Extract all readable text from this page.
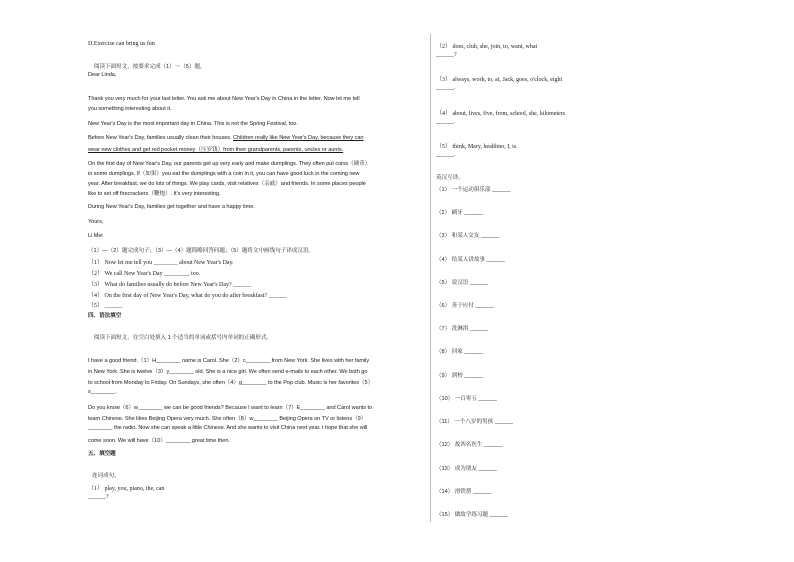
D.Exercise can bring us fun
阅读下面短文，按要求完成（1）～（5）题。
Dear Linda,
Thank you very much for your last letter. You ask me about New Year's Day in China in the letter. Now let me tell
you something interesting about it.
New Year's Day is the most important day in China. This is not the Spring Festival, too.
Before New Year's Day, families usually clean their houses. Children really like New Year's Day, because they can
wear new clothes and get red pocket money（压岁钱）from their grandparents, parents, uncles or aunts.
On the first day of New Year's Day, our parents get up very early and make dumplings. They often put coins（硬币）
in some dumplings. If（如果）you eat the dumplings with a coin in it, you can have good luck in the coming new
year. After breakfast, we do lots of things. We play cards, visit relatives（亲戚）and friends. In some places people
like to set off firecrackers（鞭炮）. It's very interesting.
During New Year's Day, families get together and have a happy time.
Yours,
Li Mei
（1）—（2）题完成句子；（3）—（4）题简略回答问题；（5）题将文中画线句子译成汉语。
（1） Now let me tell you ________ about New Year's Day.
（2） We call New Year's Day ________, too.
（3） What do families usually do before New Year's Day? ______
（4） On the first day of New Year's Day, what do you do after breakfast? ______
（5） ______
四、语法填空
阅读下面短文，在空白处填入 1 个适当的单词或括号内单词的正确形式。
I have a good friend.（1）H________ name is Carol. She（2）c________ from New York. She lives with her family
in New York. She is twelve（3）y________ old. She is a nice girl. We often send e-mails to each other. We both go
to school from Monday to Friday. On Sundays, she often（4）g________ to the Pop club. Music is her favorites（5）
s________.
Do you know（6）w________ we can be good friends? Because I want to learn（7）E________ and Carol wants to
learn Chinese. She likes Beijing Opera very much. She often（8）w________ Beijing Opera on TV or listens（9）
________ the radio. Now she can speak a little Chinese. And she wants to visit China next year. I hope that she will
come soon. We will have（10）________ great time then.
五、填空题
连词成句。
（1） play, you, piano, the, can
______?
（2） does, club, she, join, to, want, what
______?
（3） always, work, to, at, Jack, goes, o'clock, eight
______.
（4） about, lives, five, from, school, she, kilometers
______.
（5） think, Mary, healthier, I, is
______.
英汉互译。
（1） 一个运动俱乐部 ______
（2） 刷牙 ______
（3） 和某人交友 ______
（4） 给某人讲故事 ______
（5） 说汉语 ______
（6） 善于应付 ______
（7） 洗淋浴 ______
（8） 回家 ______
（9） 到校 ______
（10） 一百零五 ______
（11） 一个八岁的男孩 ______
（12） 故西名医生 ______
（13） 成为朋友 ______
（14） 滑铁帮 ______
（15） 做故学练习题 ______
